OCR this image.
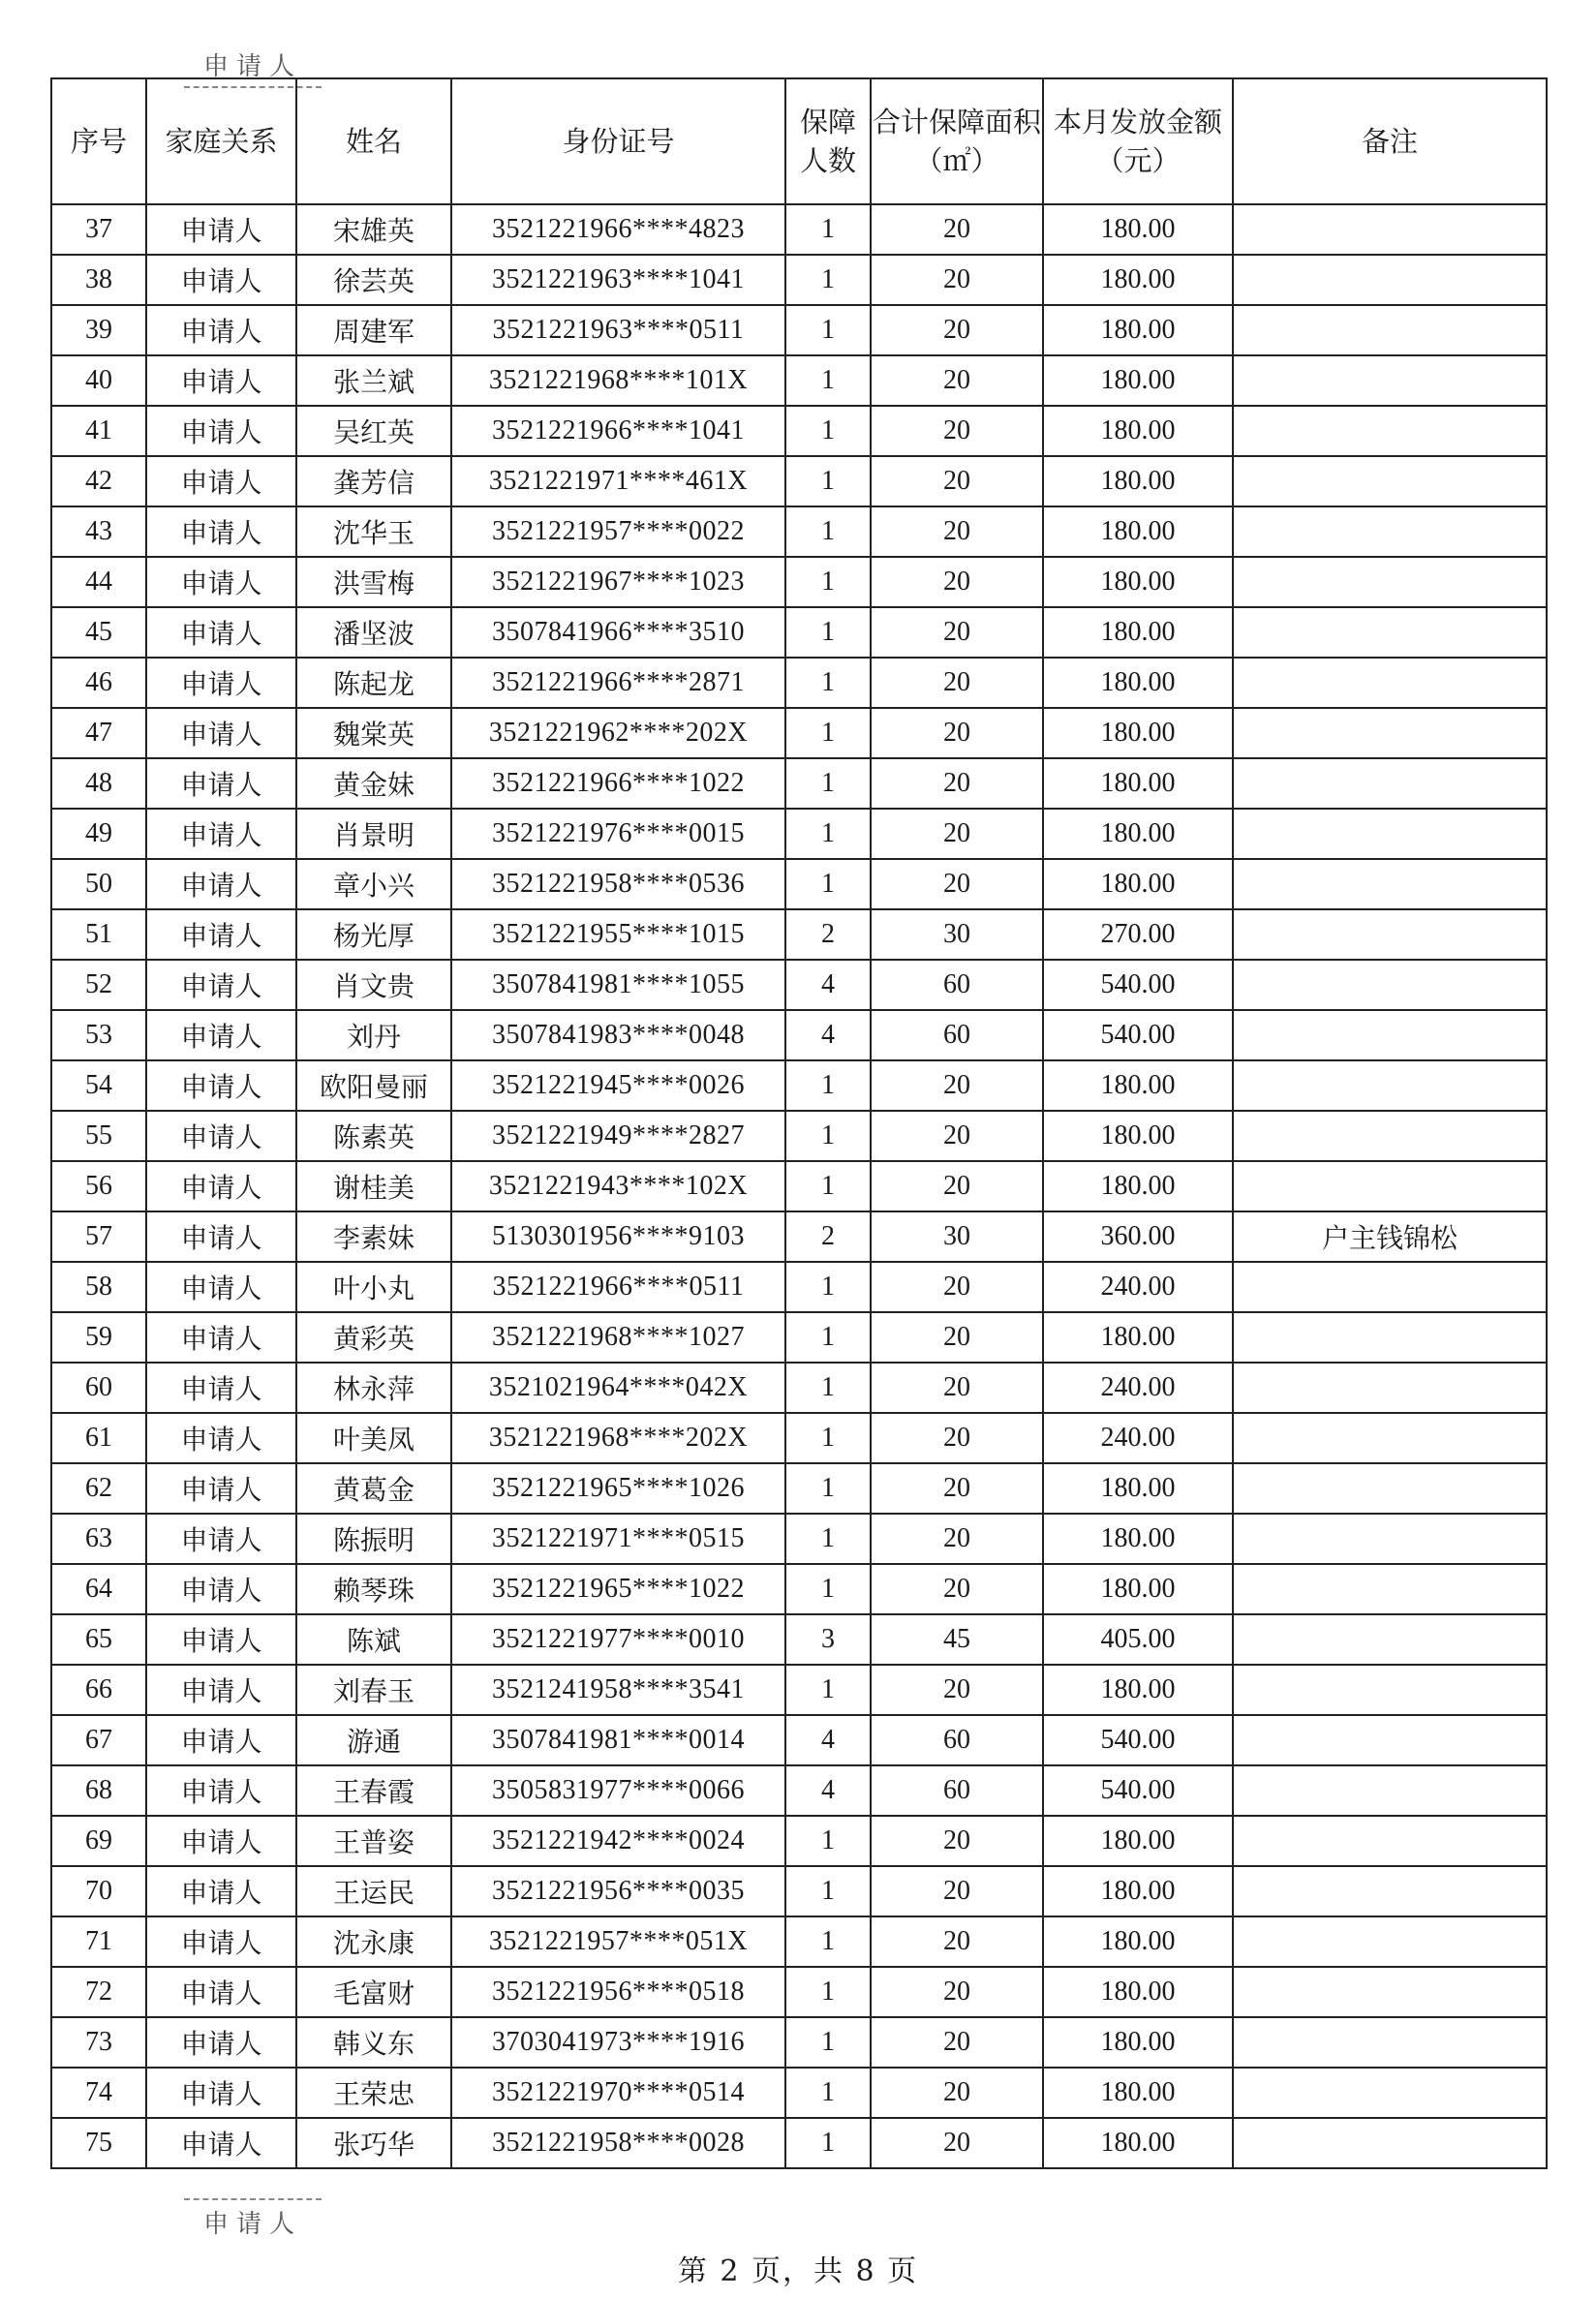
申请人
序号	家庭关系	姓名	身份证号	保障人数	合计保障面积（㎡）	本月发放金额（元）	备注
37	申请人	宋雄英	3521221966****4823	1	20	180.00	
38	申请人	徐芸英	3521221963****1041	1	20	180.00	
39	申请人	周建军	3521221963****0511	1	20	180.00	
40	申请人	张兰斌	3521221968****101X	1	20	180.00	
41	申请人	吴红英	3521221966****1041	1	20	180.00	
42	申请人	龚芳信	3521221971****461X	1	20	180.00	
43	申请人	沈华玉	3521221957****0022	1	20	180.00	
44	申请人	洪雪梅	3521221967****1023	1	20	180.00	
45	申请人	潘坚波	3507841966****3510	1	20	180.00	
46	申请人	陈起龙	3521221966****2871	1	20	180.00	
47	申请人	魏棠英	3521221962****202X	1	20	180.00	
48	申请人	黄金妹	3521221966****1022	1	20	180.00	
49	申请人	肖景明	3521221976****0015	1	20	180.00	
50	申请人	章小兴	3521221958****0536	1	20	180.00	
51	申请人	杨光厚	3521221955****1015	2	30	270.00	
52	申请人	肖文贵	3507841981****1055	4	60	540.00	
53	申请人	刘丹	3507841983****0048	4	60	540.00	
54	申请人	欧阳曼丽	3521221945****0026	1	20	180.00	
55	申请人	陈素英	3521221949****2827	1	20	180.00	
56	申请人	谢桂美	3521221943****102X	1	20	180.00	
57	申请人	李素妹	5130301956****9103	2	30	360.00	户主钱锦松
58	申请人	叶小丸	3521221966****0511	1	20	240.00	
59	申请人	黄彩英	3521221968****1027	1	20	180.00	
60	申请人	林永萍	3521021964****042X	1	20	240.00	
61	申请人	叶美凤	3521221968****202X	1	20	240.00	
62	申请人	黄葛金	3521221965****1026	1	20	180.00	
63	申请人	陈振明	3521221971****0515	1	20	180.00	
64	申请人	赖琴珠	3521221965****1022	1	20	180.00	
65	申请人	陈斌	3521221977****0010	3	45	405.00	
66	申请人	刘春玉	3521241958****3541	1	20	180.00	
67	申请人	游通	3507841981****0014	4	60	540.00	
68	申请人	王春霞	3505831977****0066	4	60	540.00	
69	申请人	王普姿	3521221942****0024	1	20	180.00	
70	申请人	王运民	3521221956****0035	1	20	180.00	
71	申请人	沈永康	3521221957****051X	1	20	180.00	
72	申请人	毛富财	3521221956****0518	1	20	180.00	
73	申请人	韩义东	3703041973****1916	1	20	180.00	
74	申请人	王荣忠	3521221970****0514	1	20	180.00	
75	申请人	张巧华	3521221958****0028	1	20	180.00	
申请人
第 2 页，共 8 页
